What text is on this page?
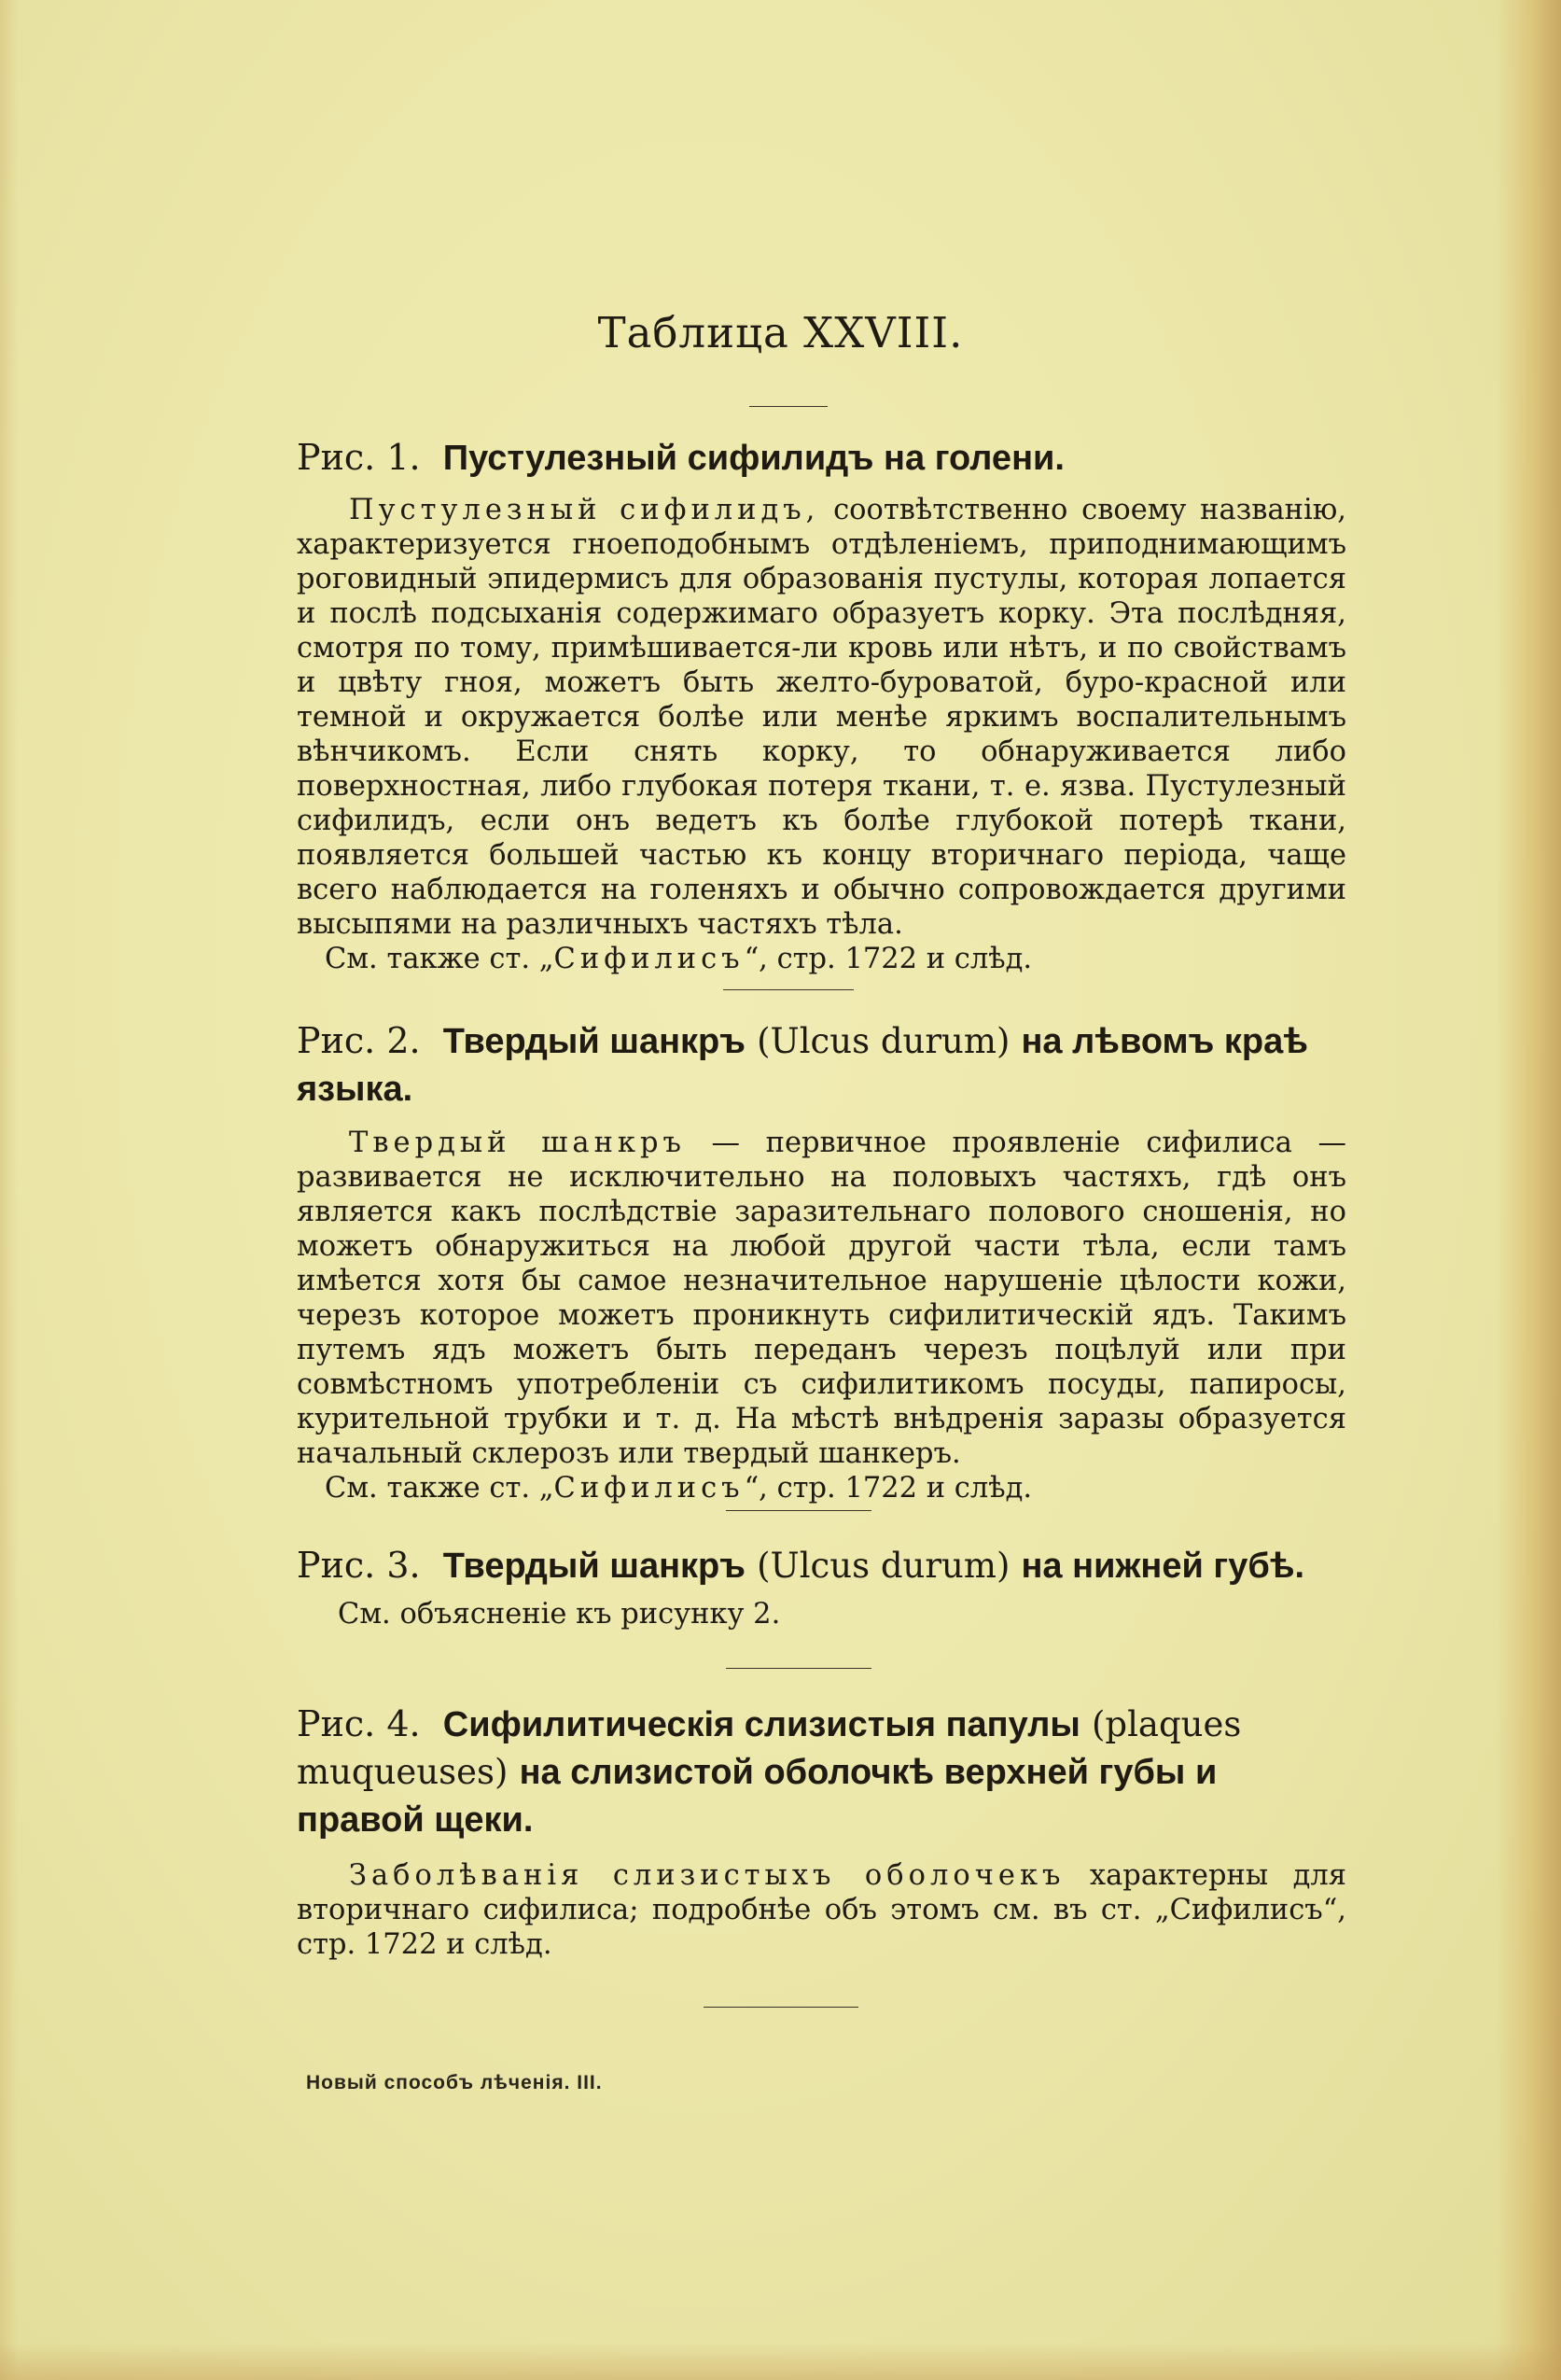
Таблица XXVIII.

Рис. 1. Пустулезный сифилидъ на голени.

Пустулезный сифилидъ, соотвѣтственно своему названію, характеризуется гноеподобнымъ отдѣленіемъ, приподнимающимъ роговидный эпидермисъ для образованія пустулы, которая лопается и послѣ подсыханія содержимаго образуетъ корку. Эта послѣдняя, смотря по тому, примѣшивается-ли кровь или нѣтъ, и по свойствамъ и цвѣту гноя, можетъ быть желто-буроватой, буро-красной или темной и окружается болѣе или менѣе яркимъ воспалительнымъ вѣнчикомъ. Если снять корку, то обнаруживается либо поверхностная, либо глубокая потеря ткани, т. е. язва. Пустулезный сифилидъ, если онъ ведетъ къ болѣе глубокой потерѣ ткани, появляется большей частью къ концу вторичнаго періода, чаще всего наблюдается на голеняхъ и обычно сопровождается другими высыпями на различныхъ частяхъ тѣла.

См. также ст. „Сифилисъ“, стр. 1722 и слѣд.

Рис. 2. Твердый шанкръ (Ulcus durum) на лѣвомъ краѣ языка.

Твердый шанкръ — первичное проявленіе сифилиса — развивается не исключительно на половыхъ частяхъ, гдѣ онъ является какъ послѣдствіе заразительнаго полового сношенія, но можетъ обнаружиться на любой другой части тѣла, если тамъ имѣется хотя бы самое незначительное нарушеніе цѣлости кожи, черезъ которое можетъ проникнуть сифилитическій ядъ. Такимъ путемъ ядъ можетъ быть переданъ черезъ поцѣлуй или при совмѣстномъ употребленіи съ сифилитикомъ посуды, папиросы, курительной трубки и т. д. На мѣстѣ внѣдренія заразы образуется начальный склерозъ или твердый шанкеръ.

См. также ст. „Сифилисъ“, стр. 1722 и слѣд.

Рис. 3. Твердый шанкръ (Ulcus durum) на нижней губѣ.

См. объясненіе къ рисунку 2.

Рис. 4. Сифилитическія слизистыя папулы (plaques muqueuses) на слизистой оболочкѣ верхней губы и правой щеки.

Заболѣванія слизистыхъ оболочекъ характерны для вторичнаго сифилиса; подробнѣе объ этомъ см. въ ст. „Сифилисъ“, стр. 1722 и слѣд.

Новый способъ лѣченія. III.
